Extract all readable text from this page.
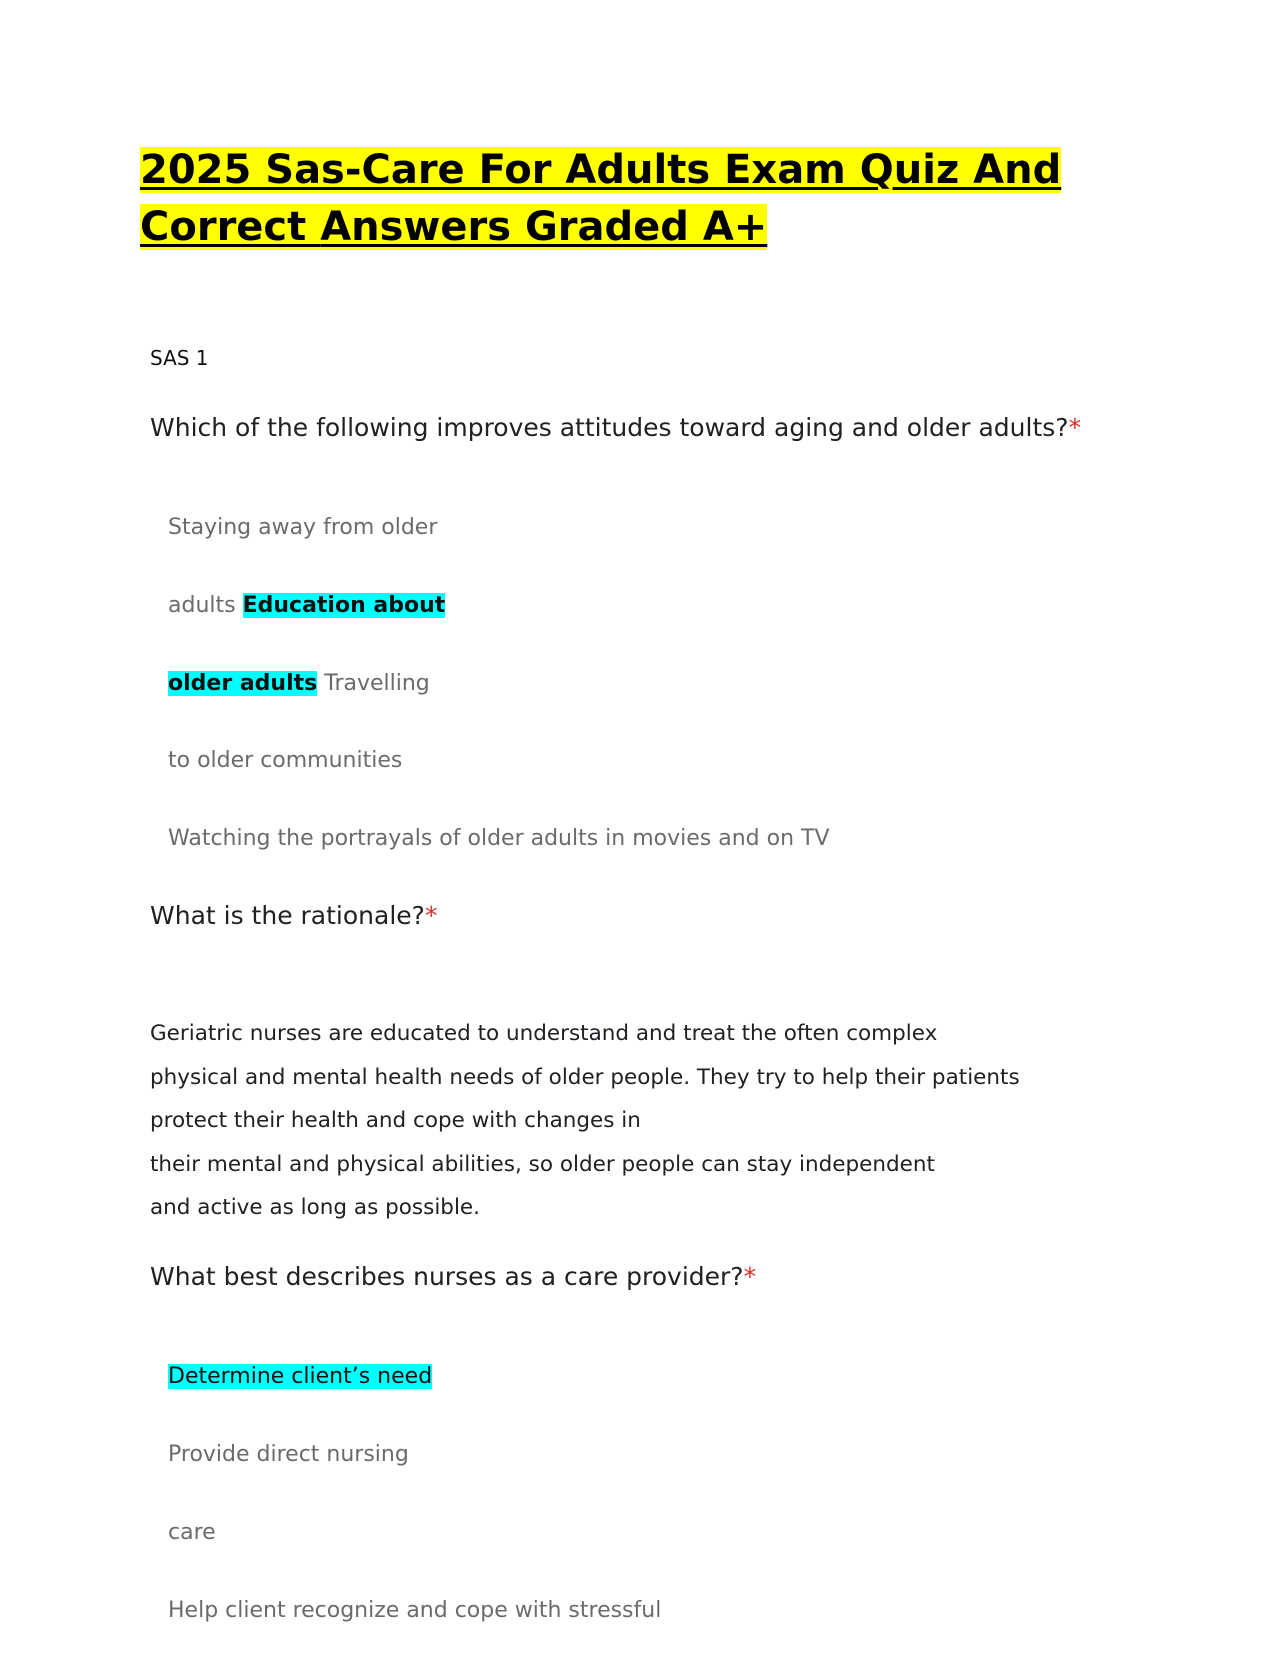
2025 Sas-Care For Adults Exam Quiz And
Correct Answers Graded A+
SAS 1
Which of the following improves attitudes toward aging and older adults?*
Staying away from older
adults Education about
older adults Travelling
to older communities
Watching the portrayals of older adults in movies and on TV
What is the rationale?*
Geriatric nurses are educated to understand and treat the often complex
physical and mental health needs of older people. They try to help their patients
protect their health and cope with changes in
their mental and physical abilities, so older people can stay independent
and active as long as possible.
What best describes nurses as a care provider?*
Determine client’s need
Provide direct nursing
care
Help client recognize and cope with stressful
